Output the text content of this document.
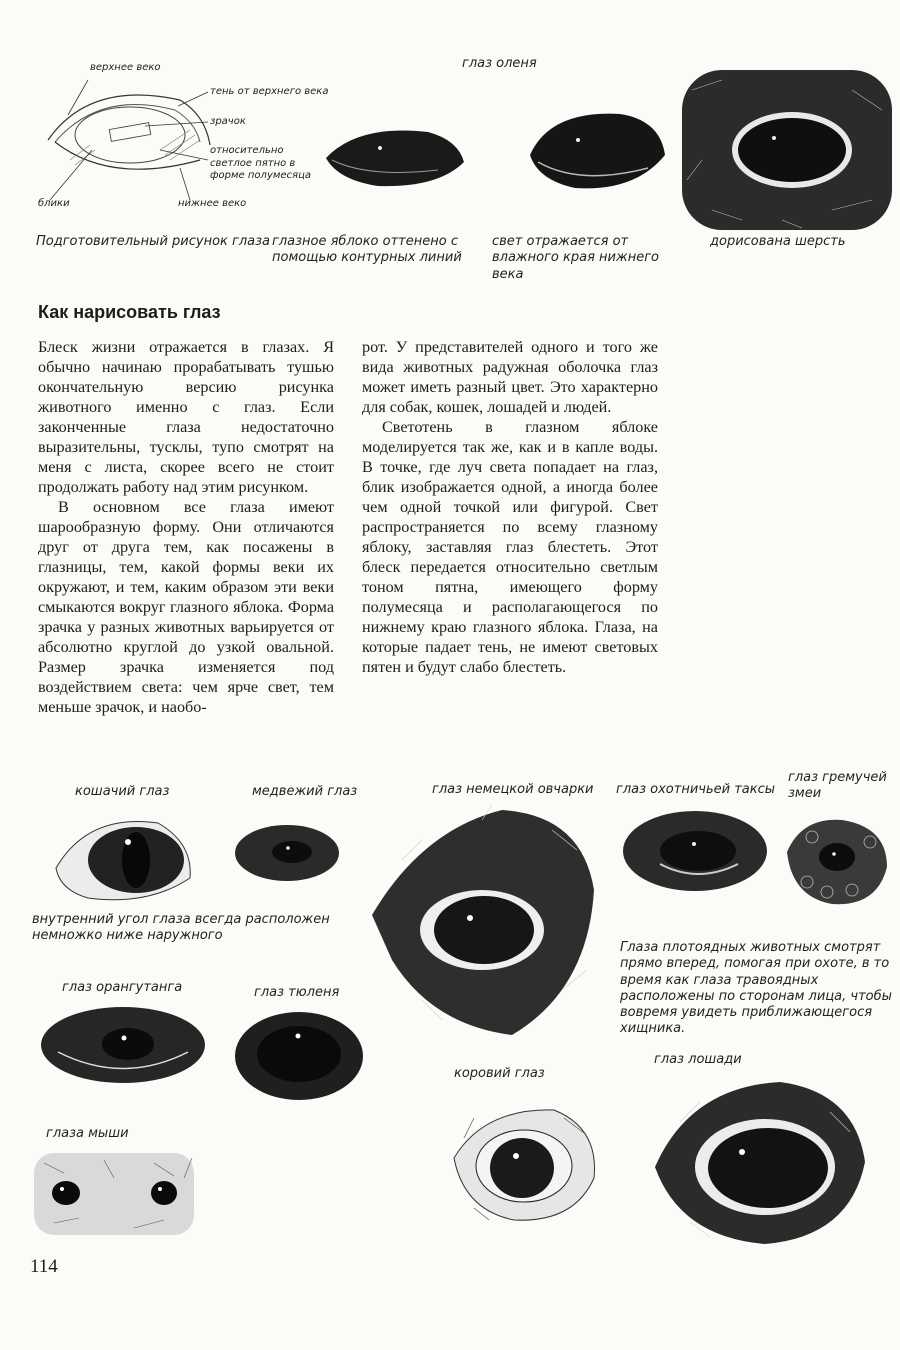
верхнее веко
тень от верхнего века
зрачок
относительно светлое пятно в форме полумесяца
блики	нижнее веко
глаз оленя
Подготовительный рисунок глаза глазное яблоко оттенено с помощью контурных линий
свет отражается от влажного края нижнего века
дорисована шерсть
Как нарисовать глаз

Блеск жизни отражается в глазах. Я обычно начинаю прорабатывать тушью окончательную версию рисунка животного именно с глаз. Если законченные глаза недостаточно выразительны, тусклы, тупо смотрят на меня с листа, скорее всего не стоит продолжать работу над этим рисунком.

В основном все глаза имеют шарообразную форму. Они отличаются друг от друга тем, как посажены в глазницы, тем, какой формы веки их окружают, и тем, каким образом эти веки смыкаются вокруг глазного яблока. Форма зрачка у разных животных варьируется от абсолютно круглой до узкой овальной. Размер зрачка изменяется под воздействием света: чем ярче свет, тем меньше зрачок, и наобо-

рот. У представителей одного и того же вида животных радужная оболочка глаз может иметь разный цвет. Это характерно для собак, кошек, лошадей и людей.

Светотень в глазном яблоке моделируется так же, как и в капле воды. В точке, где луч света попадает на глаз, блик изображается одной, а иногда более чем одной точкой или фигурой. Свет распространяется по всему глазному яблоку, заставляя глаз блестеть. Этот блеск передается относительно светлым тоном пятна, имеющего форму полумесяца и располагающегося по нижнему краю глазного яблока. Глаза, на которые падает тень, не имеют световых пятен и будут слабо блестеть.

кошачий глаз	медвежий глаз	глаз немецкой овчарки глаз охотничьей таксы
глаз гремучей змеи
внутренний угол глаза всегда расположен немножко ниже наружного
Глаза плотоядных животных смотрят прямо вперед, помогая при охоте, в то время как глаза травоядных расположены по сторонам лица, чтобы вовремя увидеть приближающегося хищника.
глаз орангутанга	глаз тюленя
глаз лошади
коровий глаз
глаза мыши
114
